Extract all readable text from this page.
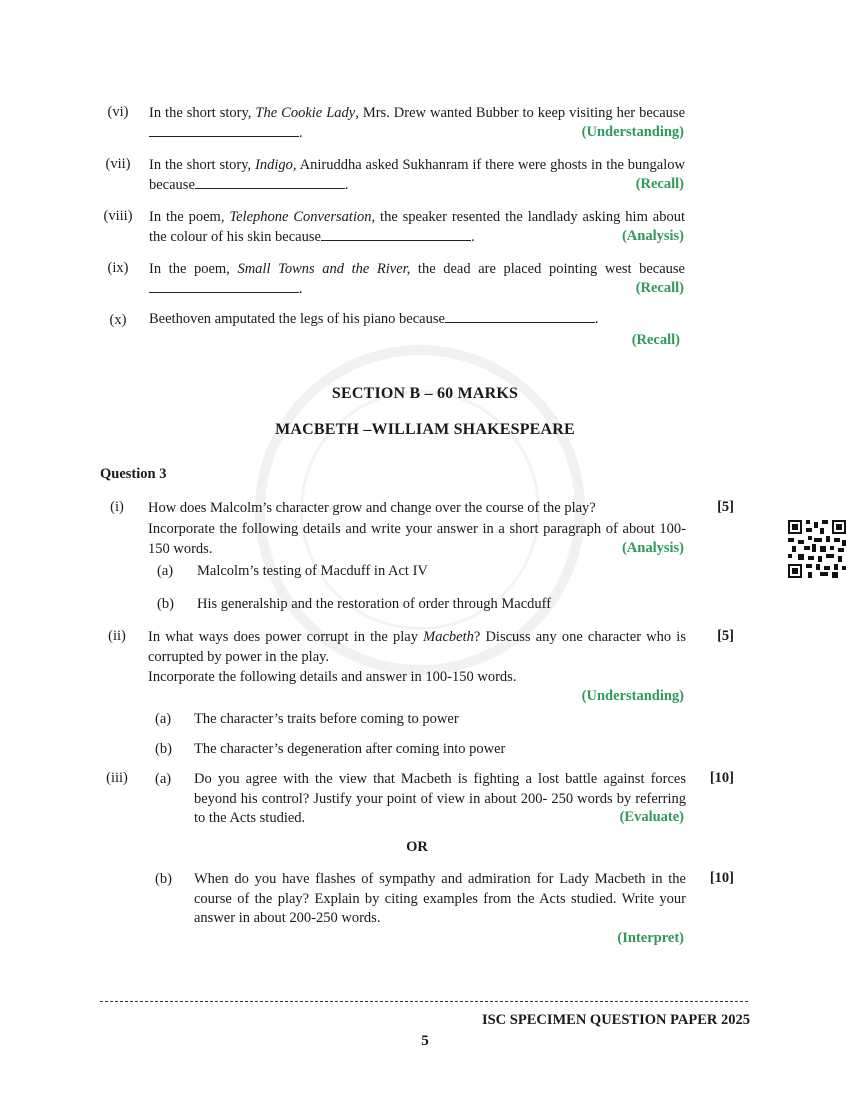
(vi)	In the short story, The Cookie Lady, Mrs. Drew wanted Bubber to keep visiting her because.	(Understanding)
(vii)	In the short story, Indigo, Aniruddha asked Sukhanram if there were ghosts in the bungalow because	.	(Recall)
(viii)	In the poem, Telephone Conversation, the speaker resented the landlady asking him about the colour of his skin because	.	(Analysis)
(ix)	In the poem, Small Towns and the River, the dead are placed pointing west because.	(Recall)
(x)	Beethoven amputated the legs of his piano because	.
(Recall)
SECTION B – 60 MARKS
MACBETH –WILLIAM SHAKESPEARE
Question 3
(i)	How does Malcolm’s character grow and change over the course of the play?	[5]
Incorporate the following details and write your answer in a short paragraph of about 100-150 words.	(Analysis)
(a) Malcolm’s testing of Macduff in Act IV
(b) His generalship and the restoration of order through Macduff
(ii)	In what ways does power corrupt in the play Macbeth? Discuss any one character who is corrupted by power in the play.
[5]
Incorporate the following details and answer in 100-150 words.
(Understanding)
(a) The character’s traits before coming to power
(b) The character’s degeneration after coming into power
(iii)	(a) Do you agree with the view that Macbeth is fighting a lost battle against forces beyond his control? Justify your point of view in about 200- 250 words by referring to the Acts studied.
[10]
(Evaluate)
OR
(b) When do you have flashes of sympathy and admiration for Lady Macbeth in the course of the play? Explain by citing examples from the Acts studied. Write your answer in about 200-250 words.
[10]
(Interpret)
ISC SPECIMEN QUESTION PAPER 2025
5
